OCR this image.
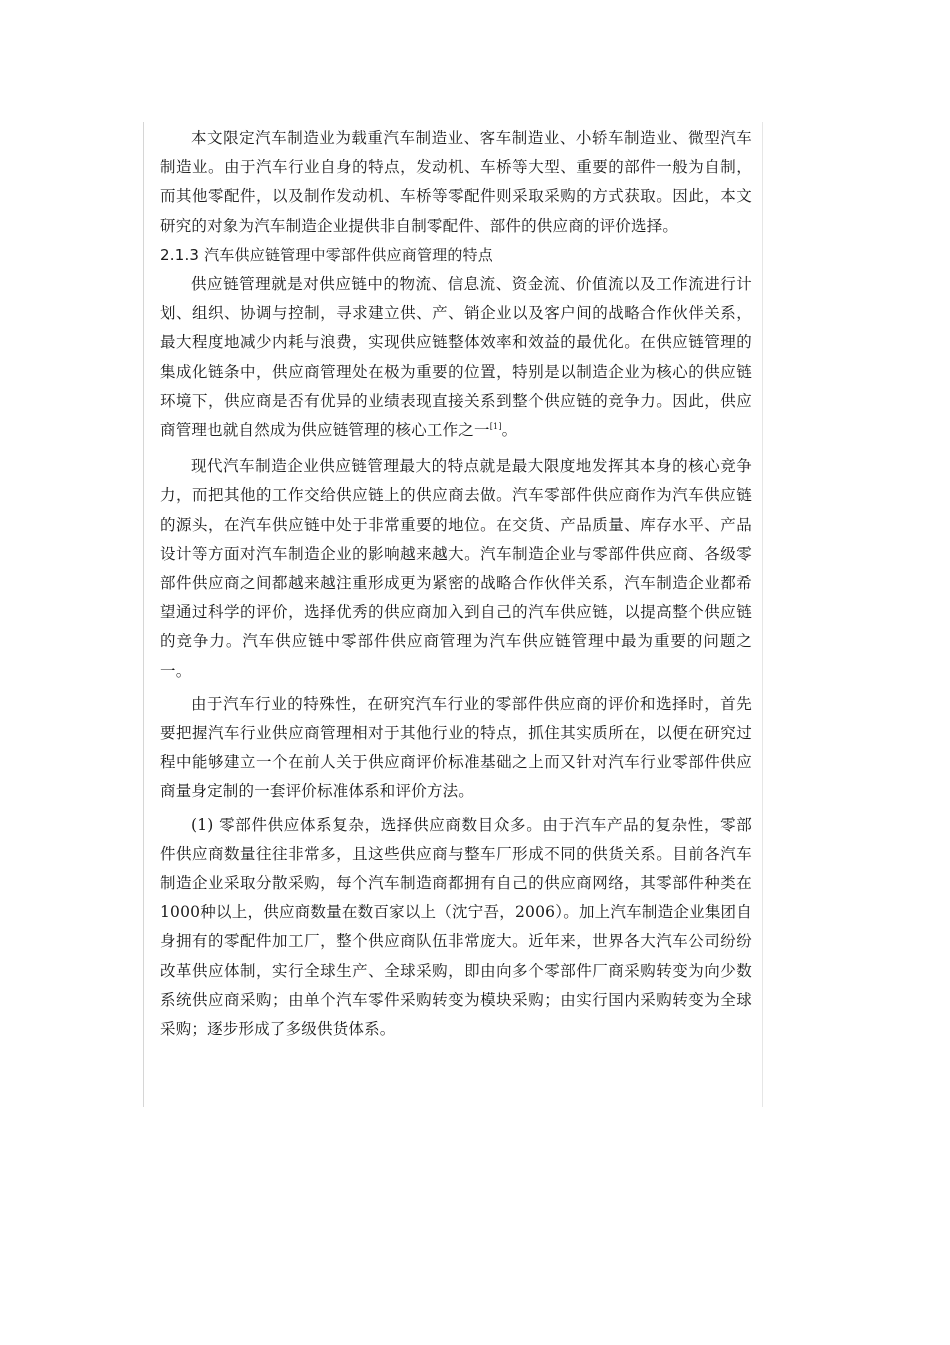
本文限定汽车制造业为载重汽车制造业、客车制造业、小轿车制造业、微型汽车制造业。由于汽车行业自身的特点，发动机、车桥等大型、重要的部件一般为自制，而其他零配件，以及制作发动机、车桥等零配件则采取采购的方式获取。因此，本文研究的对象为汽车制造企业提供非自制零配件、部件的供应商的评价选择。

2.1.3 汽车供应链管理中零部件供应商管理的特点

供应链管理就是对供应链中的物流、信息流、资金流、价值流以及工作流进行计划、组织、协调与控制，寻求建立供、产、销企业以及客户间的战略合作伙伴关系，最大程度地减少内耗与浪费，实现供应链整体效率和效益的最优化。在供应链管理的集成化链条中，供应商管理处在极为重要的位置，特别是以制造企业为核心的供应链环境下，供应商是否有优异的业绩表现直接关系到整个供应链的竞争力。因此，供应商管理也就自然成为供应链管理的核心工作之一[1]。

现代汽车制造企业供应链管理最大的特点就是最大限度地发挥其本身的核心竞争力，而把其他的工作交给供应链上的供应商去做。汽车零部件供应商作为汽车供应链的源头，在汽车供应链中处于非常重要的地位。在交货、产品质量、库存水平、产品设计等方面对汽车制造企业的影响越来越大。汽车制造企业与零部件供应商、各级零部件供应商之间都越来越注重形成更为紧密的战略合作伙伴关系，汽车制造企业都希望通过科学的评价，选择优秀的供应商加入到自己的汽车供应链，以提高整个供应链的竞争力。汽车供应链中零部件供应商管理为汽车供应链管理中最为重要的问题之一。

由于汽车行业的特殊性，在研究汽车行业的零部件供应商的评价和选择时，首先要把握汽车行业供应商管理相对于其他行业的特点，抓住其实质所在，以便在研究过程中能够建立一个在前人关于供应商评价标准基础之上而又针对汽车行业零部件供应商量身定制的一套评价标准体系和评价方法。

(1) 零部件供应体系复杂，选择供应商数目众多。由于汽车产品的复杂性，零部件供应商数量往往非常多，且这些供应商与整车厂形成不同的供货关系。目前各汽车制造企业采取分散采购，每个汽车制造商都拥有自己的供应商网络，其零部件种类在1000种以上，供应商数量在数百家以上（沈宁吾，2006）。加上汽车制造企业集团自身拥有的零配件加工厂，整个供应商队伍非常庞大。近年来，世界各大汽车公司纷纷改革供应体制，实行全球生产、全球采购，即由向多个零部件厂商采购转变为向少数系统供应商采购；由单个汽车零件采购转变为模块采购；由实行国内采购转变为全球采购；逐步形成了多级供货体系。
